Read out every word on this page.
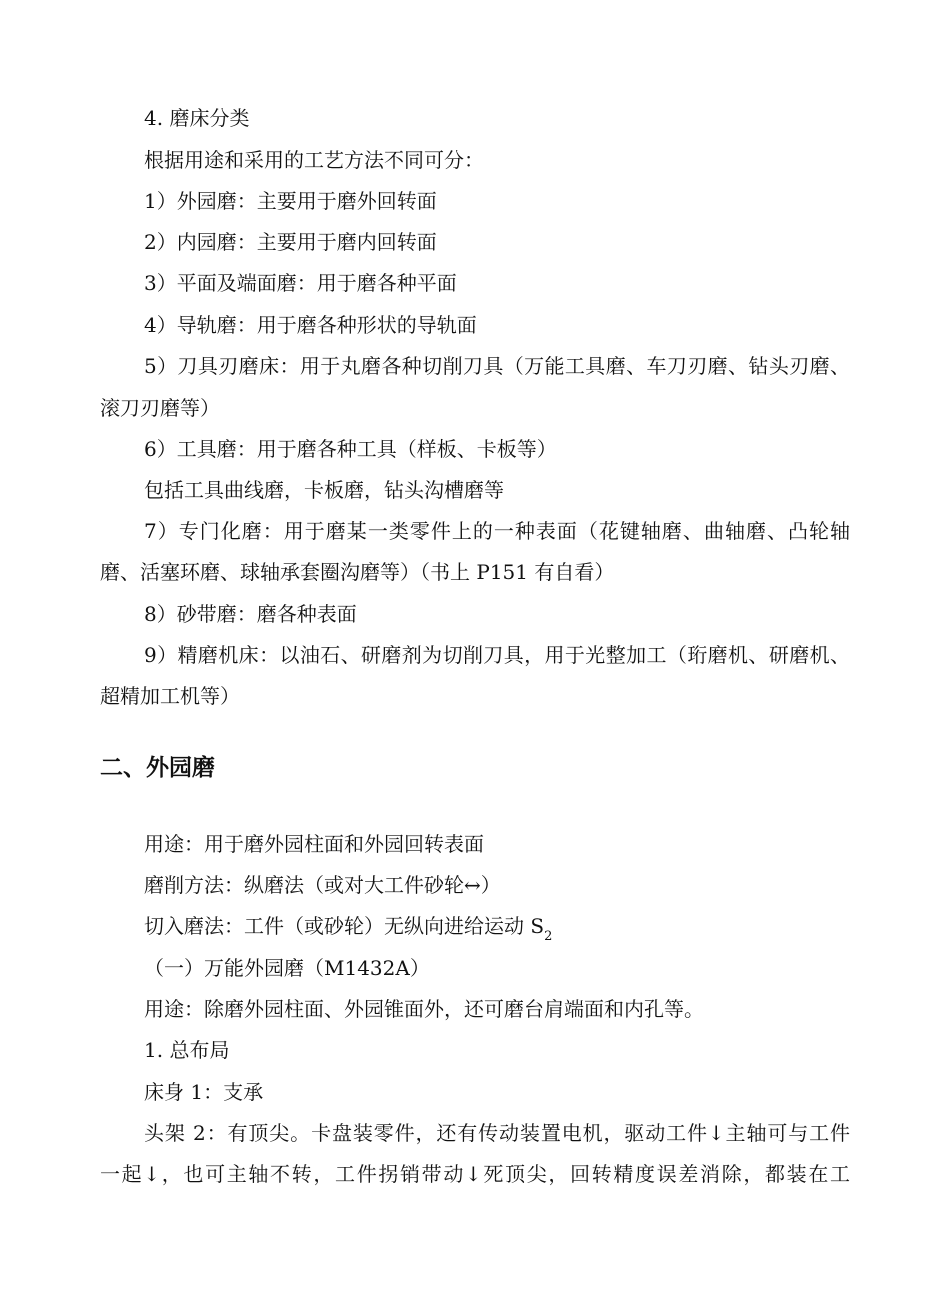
4. 磨床分类
根据用途和采用的工艺方法不同可分：
1）外园磨：主要用于磨外回转面
2）内园磨：主要用于磨内回转面
3）平面及端面磨：用于磨各种平面
4）导轨磨：用于磨各种形状的导轨面
5）刀具刃磨床：用于丸磨各种切削刀具（万能工具磨、车刀刃磨、钻头刃磨、
滚刀刃磨等）
6）工具磨：用于磨各种工具（样板、卡板等）
包括工具曲线磨，卡板磨，钻头沟槽磨等
7）专门化磨：用于磨某一类零件上的一种表面（花键轴磨、曲轴磨、凸轮轴
磨、活塞环磨、球轴承套圈沟磨等）（书上 P151 有自看）
8）砂带磨：磨各种表面
9）精磨机床：以油石、研磨剂为切削刀具，用于光整加工（珩磨机、研磨机、
超精加工机等）
二、外园磨
用途：用于磨外园柱面和外园回转表面
磨削方法：纵磨法（或对大工件砂轮↔）
切入磨法：工件（或砂轮）无纵向进给运动 $S_2$
（一）万能外园磨（M1432A）
用途：除磨外园柱面、外园锥面外，还可磨台肩端面和内孔等。
1. 总布局
床身 1：支承
头架 2：有顶尖。卡盘装零件，还有传动装置电机，驱动工件↓主轴可与工件
一起↓，也可主轴不转，工件拐销带动↓死顶尖，回转精度误差消除，都装在工
